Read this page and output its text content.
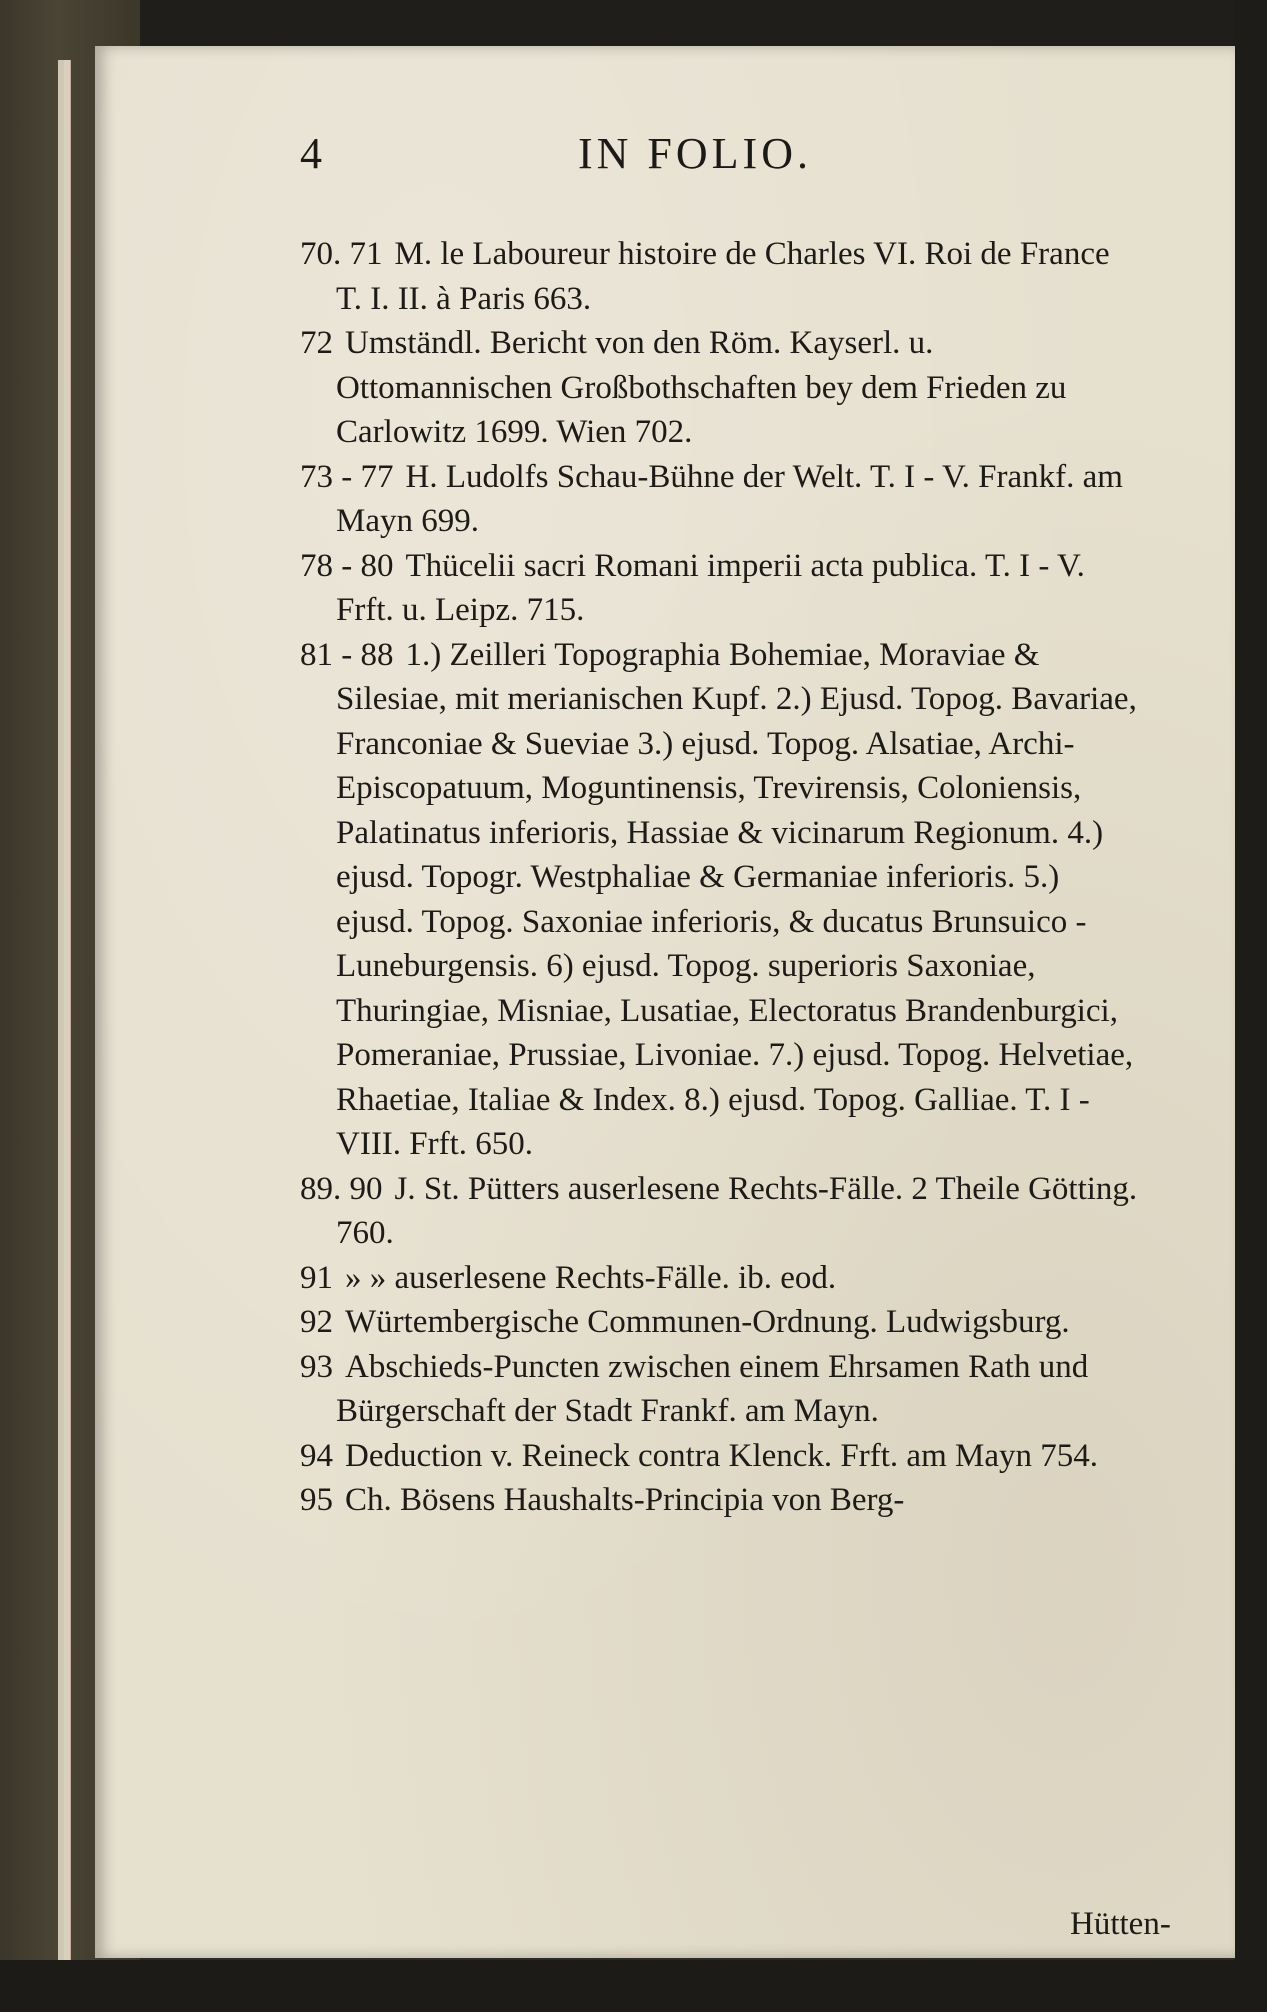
4	IN FOLIO.

70. 71 M. le Laboureur histoire de Charles VI. Roi de France T. I. II. à Paris 663.

72 Umständl. Bericht von den Röm. Kayserl. u. Ottomannischen Großbothschaften bey dem Frieden zu Carlowitz 1699. Wien 702.

73 - 77 H. Ludolfs Schau-Bühne der Welt. T. I - V. Frankf. am Mayn 699.

78 - 80 Thücelii sacri Romani imperii acta publica. T. I - V. Frft. u. Leipz. 715.

81 - 88 1.) Zeilleri Topographia Bohemiae, Moraviae & Silesiae, mit merianischen Kupf. 2.) Ejusd. Topog. Bavariae, Franconiae & Sueviae 3.) ejusd. Topog. Alsatiae, Archi-Episcopatuum, Moguntinensis, Trevirensis, Coloniensis, Palatinatus inferioris, Hassiae & vicinarum Regionum. 4.) ejusd. Topogr. Westphaliae & Germaniae inferioris. 5.) ejusd. Topog. Saxoniae inferioris, & ducatus Brunsuico - Luneburgensis. 6) ejusd. Topog. superioris Saxoniae, Thuringiae, Misniae, Lusatiae, Electoratus Brandenburgici, Pomeraniae, Prussiae, Livoniae. 7.) ejusd. Topog. Helvetiae, Rhaetiae, Italiae & Index. 8.) ejusd. Topog. Galliae. T. I - VIII. Frft. 650.

89. 90 J. St. Pütters auserlesene Rechts-Fälle. 2 Theile Götting. 760.

91 » » auserlesene Rechts-Fälle. ib. eod.

92 Würtembergische Communen-Ordnung. Ludwigsburg.

93 Abschieds-Puncten zwischen einem Ehrsamen Rath und Bürgerschaft der Stadt Frankf. am Mayn.

94 Deduction v. Reineck contra Klenck. Frft. am Mayn 754.

95 Ch. Bösens Haushalts-Principia von Berg-

Hütten-
